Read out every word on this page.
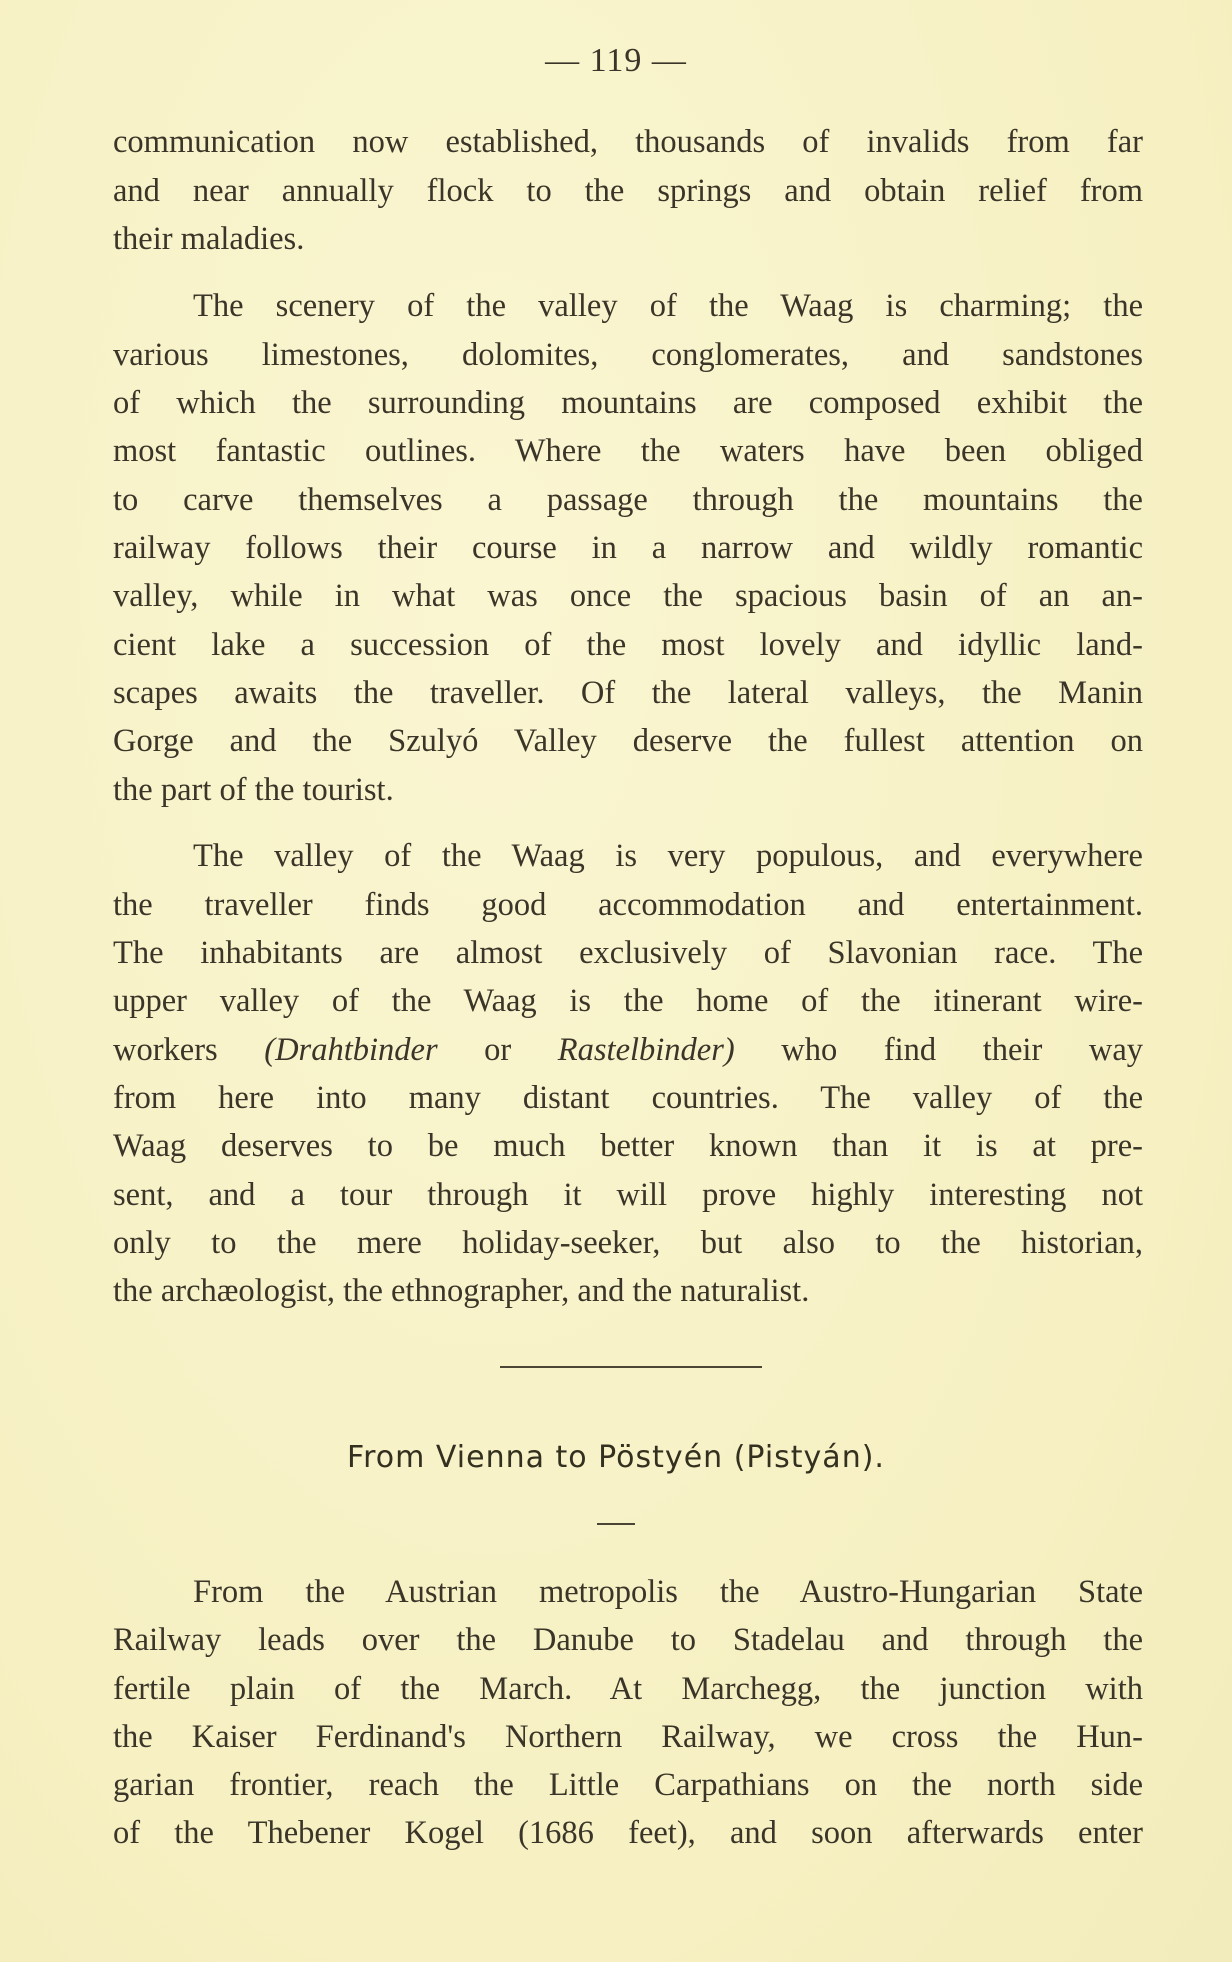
— 119 —
communication now established, thousands of invalids from far
and near annually flock to the springs and obtain relief from
their maladies.
The scenery of the valley of the Waag is charming; the
various limestones, dolomites, conglomerates, and sandstones
of which the surrounding mountains are composed exhibit the
most fantastic outlines. Where the waters have been obliged
to carve themselves a passage through the mountains the
railway follows their course in a narrow and wildly romantic
valley, while in what was once the spacious basin of an an-
cient lake a succession of the most lovely and idyllic land-
scapes awaits the traveller. Of the lateral valleys, the Manin
Gorge and the Szulyó Valley deserve the fullest attention on
the part of the tourist.
The valley of the Waag is very populous, and everywhere
the traveller finds good accommodation and entertainment.
The inhabitants are almost exclusively of Slavonian race. The
upper valley of the Waag is the home of the itinerant wire-
workers (Drahtbinder or Rastelbinder) who find their way
from here into many distant countries. The valley of the
Waag deserves to be much better known than it is at pre-
sent, and a tour through it will prove highly interesting not
only to the mere holiday-seeker, but also to the historian,
the archæologist, the ethnographer, and the naturalist.
From Vienna to Pöstyén (Pistyán).
From the Austrian metropolis the Austro-Hungarian State
Railway leads over the Danube to Stadelau and through the
fertile plain of the March. At Marchegg, the junction with
the Kaiser Ferdinand's Northern Railway, we cross the Hun-
garian frontier, reach the Little Carpathians on the north side
of the Thebener Kogel (1686 feet), and soon afterwards enter
